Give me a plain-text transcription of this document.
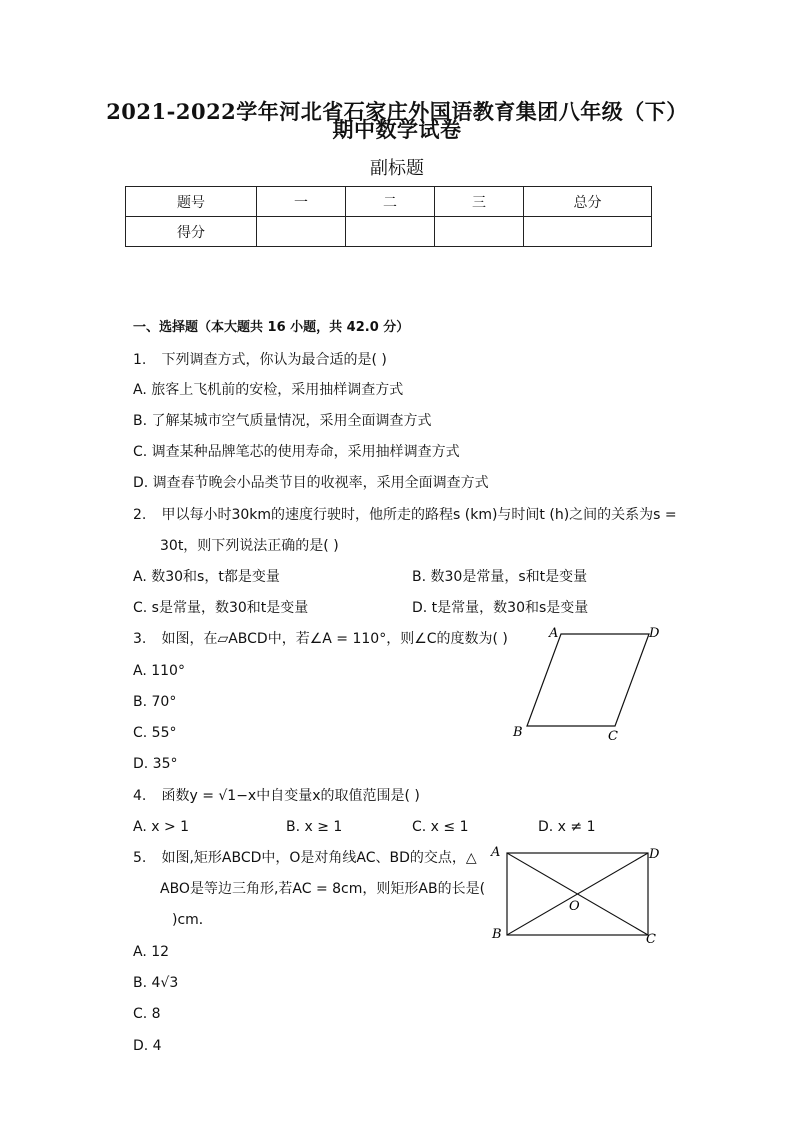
2021-2022学年河北省石家庄外国语教育集团八年级（下）
期中数学试卷
副标题
题号	一	二	三	总分
得分				
一、选择题（本大题共 16 小题，共 42.0 分）
1. 下列调查方式，你认为最合适的是( )
A. 旅客上飞机前的安检，采用抽样调查方式
B. 了解某城市空气质量情况，采用全面调查方式
C. 调查某种品牌笔芯的使用寿命，采用抽样调查方式
D. 调查春节晚会小品类节目的收视率，采用全面调查方式
2. 甲以每小时30km的速度行驶时，他所走的路程s (km)与时间t (h)之间的关系为s =
30t，则下列说法正确的是( )
A. 数30和s，t都是变量	B. 数30是常量，s和t是变量
C. s是常量，数30和t是变量	D. t是常量，数30和s是变量
3. 如图，在▱ABCD中，若∠A = 110°，则∠C的度数为( )
A. 110°
B. 70°
C. 55°
D. 35°
A	D
B	C
4. 函数y = √1−x中自变量x的取值范围是( )
A. x > 1	B. x ≥ 1	C. x ≤ 1	D. x ≠ 1
5. 如图,矩形ABCD中，O是对角线AC、BD的交点，△
ABO是等边三角形,若AC = 8cm，则矩形AB的长是(
)cm．
A. 12
B. 4√3
C. 8
D. 4
A	D
B	C
O
